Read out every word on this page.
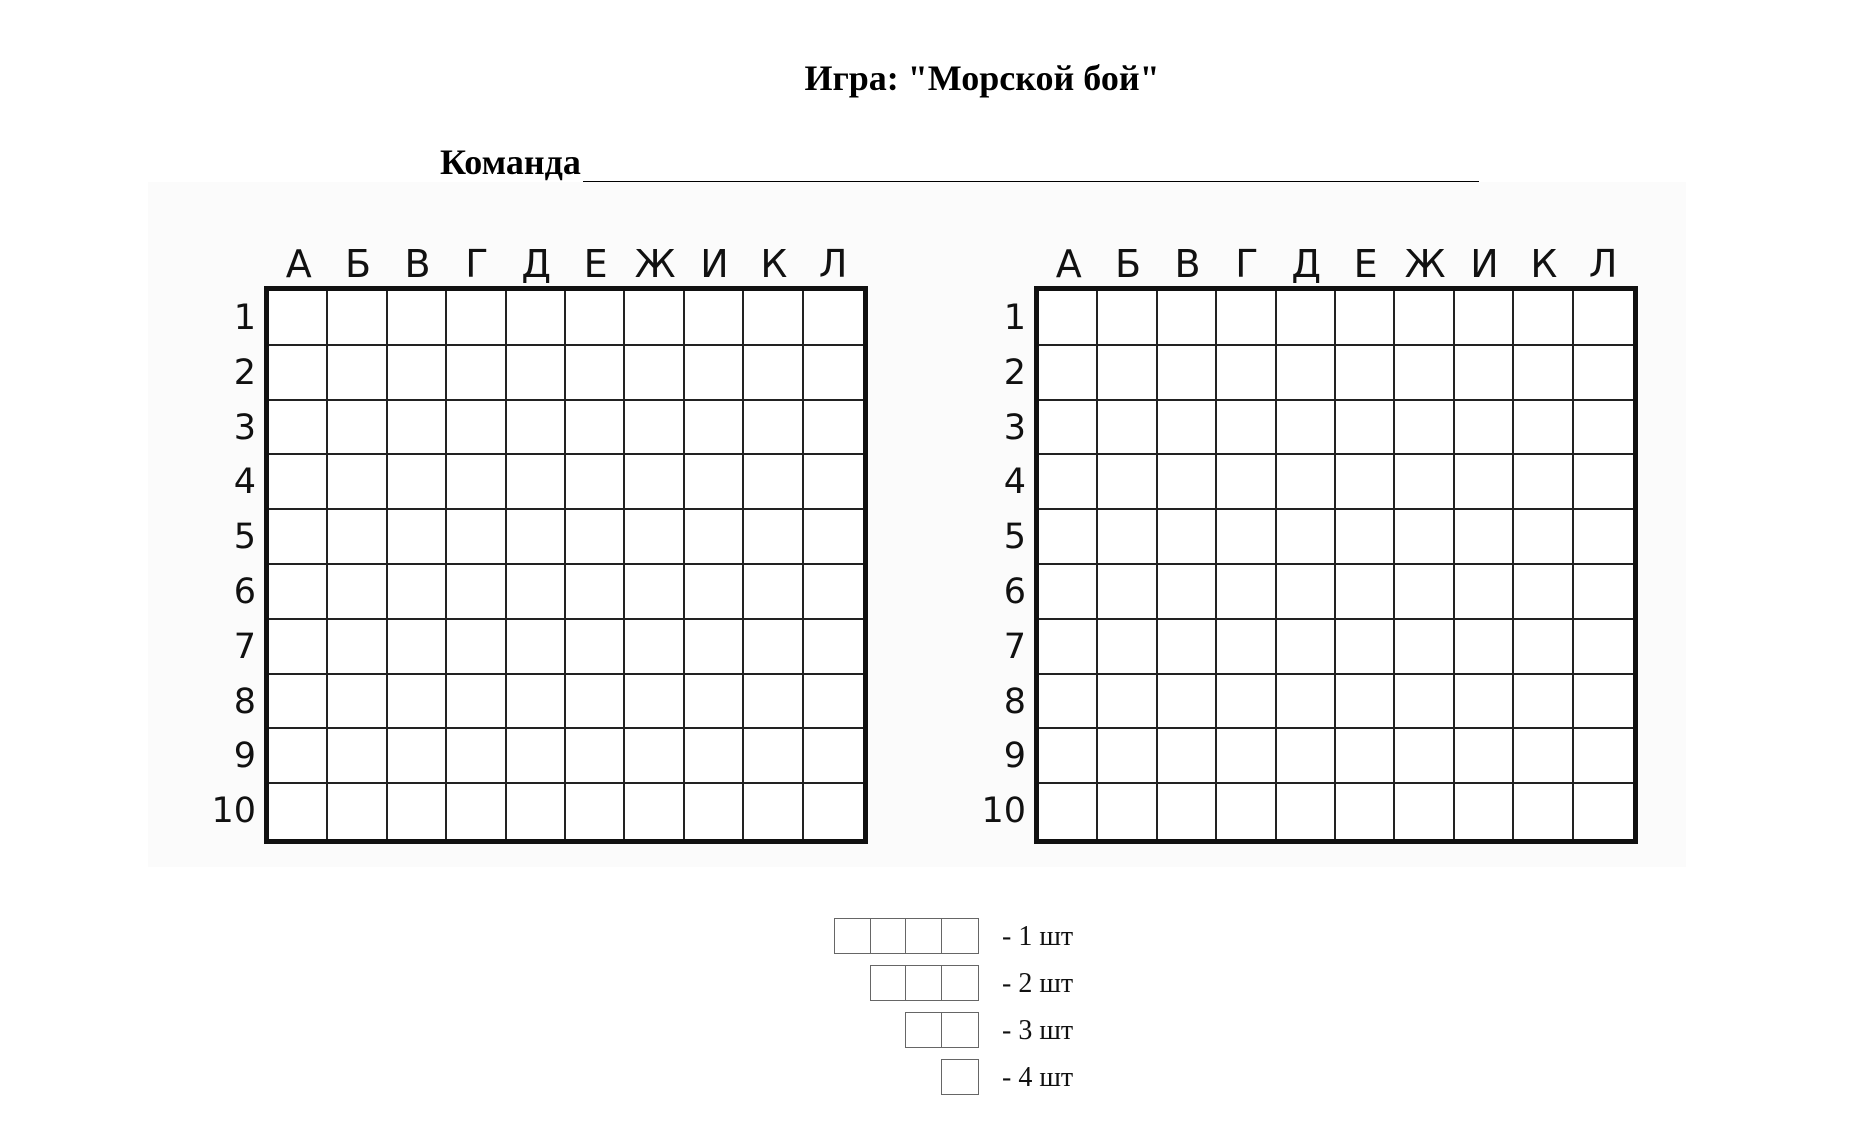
Игра: "Морской бой"
Команда
А Б В Г Д Е Ж И К Л
1
2
3
4
5
6
7
8
9
10
А Б В Г Д Е Ж И К Л
1
2
3
4
5
6
7
8
9
10
- 1 шт
- 2 шт
- 3 шт
- 4 шт
